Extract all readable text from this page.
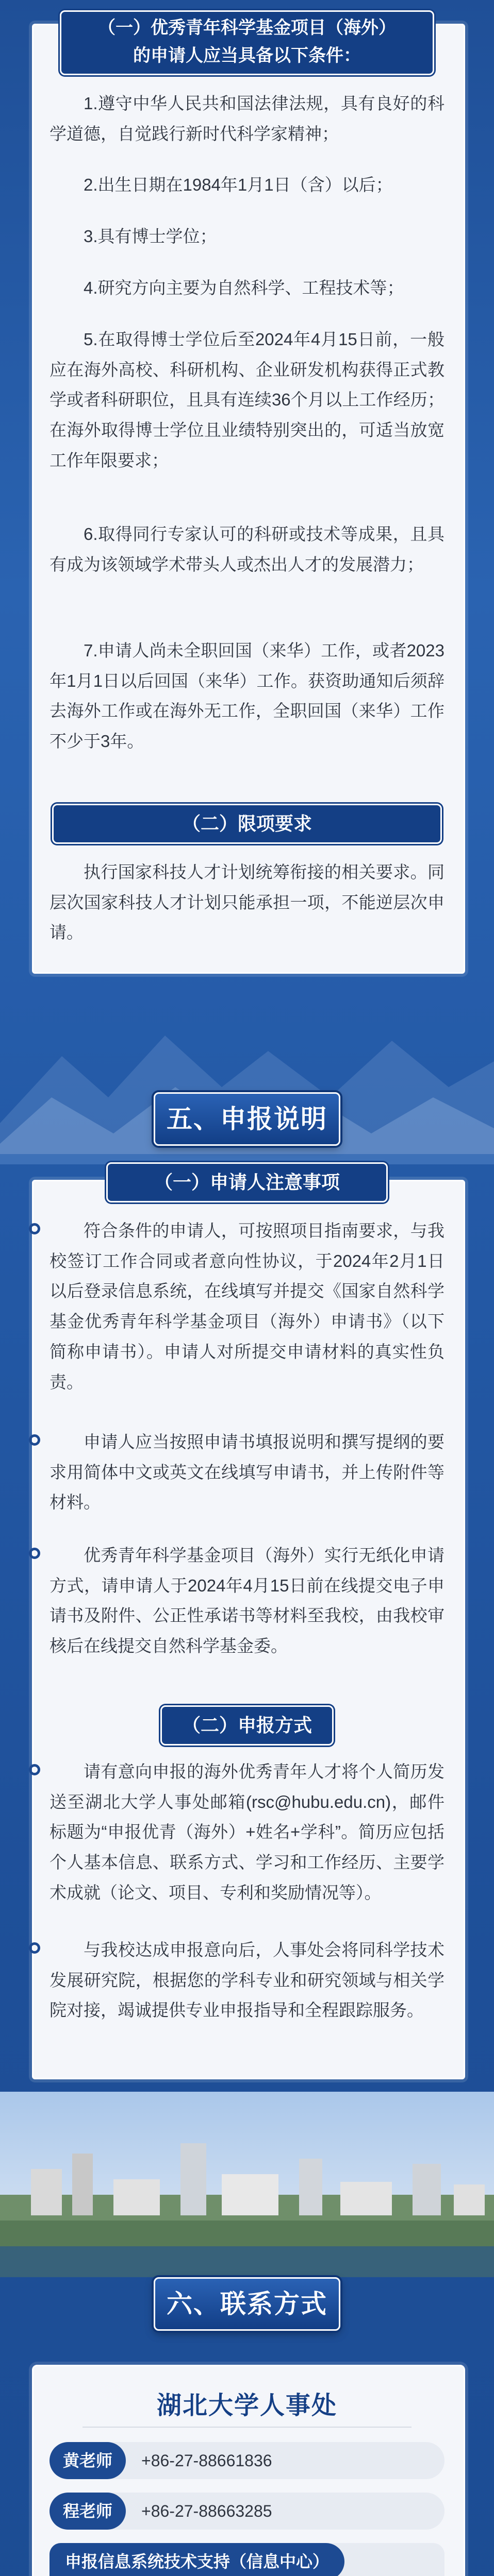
（一）优秀青年科学基金项目（海外）
的申请人应当具备以下条件：
1.遵守中华人民共和国法律法规，具有良好的科学道德，自觉践行新时代科学家精神；
2.出生日期在1984年1月1日（含）以后；
3.具有博士学位；
4.研究方向主要为自然科学、工程技术等；
5.在取得博士学位后至2024年4月15日前，一般应在海外高校、科研机构、企业研发机构获得正式教学或者科研职位，且具有连续36个月以上工作经历；在海外取得博士学位且业绩特别突出的，可适当放宽工作年限要求；
6.取得同行专家认可的科研或技术等成果，且具有成为该领域学术带头人或杰出人才的发展潜力；
7.申请人尚未全职回国（来华）工作，或者2023年1月1日以后回国（来华）工作。获资助通知后须辞去海外工作或在海外无工作，全职回国（来华）工作不少于3年。
（二）限项要求
执行国家科技人才计划统筹衔接的相关要求。同层次国家科技人才计划只能承担一项，不能逆层次申请。
五、申报说明
（一）申请人注意事项
符合条件的申请人，可按照项目指南要求，与我校签订工作合同或者意向性协议，于2024年2月1日以后登录信息系统，在线填写并提交《国家自然科学基金优秀青年科学基金项目（海外）申请书》（以下简称申请书）。申请人对所提交申请材料的真实性负责。
申请人应当按照申请书填报说明和撰写提纲的要求用简体中文或英文在线填写申请书，并上传附件等材料。
优秀青年科学基金项目（海外）实行无纸化申请方式，请申请人于2024年4月15日前在线提交电子申请书及附件、公正性承诺书等材料至我校，由我校审核后在线提交自然科学基金委。
（二）申报方式
请有意向申报的海外优秀青年人才将个人简历发送至湖北大学人事处邮箱(rsc@hubu.edu.cn)，邮件标题为“申报优青（海外）+姓名+学科”。简历应包括个人基本信息、联系方式、学习和工作经历、主要学术成就（论文、项目、专利和奖励情况等）。
与我校达成申报意向后，人事处会将同科学技术发展研究院，根据您的学科专业和研究领域与相关学院对接，竭诚提供专业申报指导和全程跟踪服务。
六、联系方式
湖北大学人事处
黄老师	+86-27-88661836
程老师	+86-27-88663285
申报信息系统技术支持（信息中心）
